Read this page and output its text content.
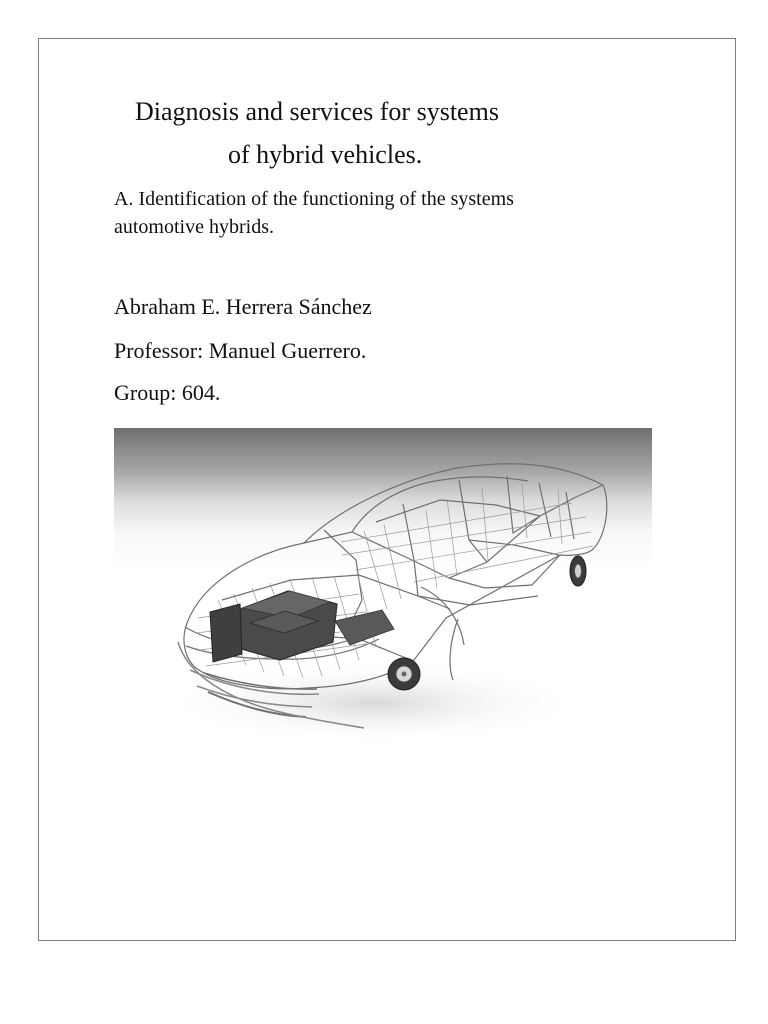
Diagnosis and services for systems
of hybrid vehicles.
A. Identification of the functioning of the systems automotive hybrids.
Abraham E. Herrera Sánchez
Professor: Manuel Guerrero.
Group: 604.
